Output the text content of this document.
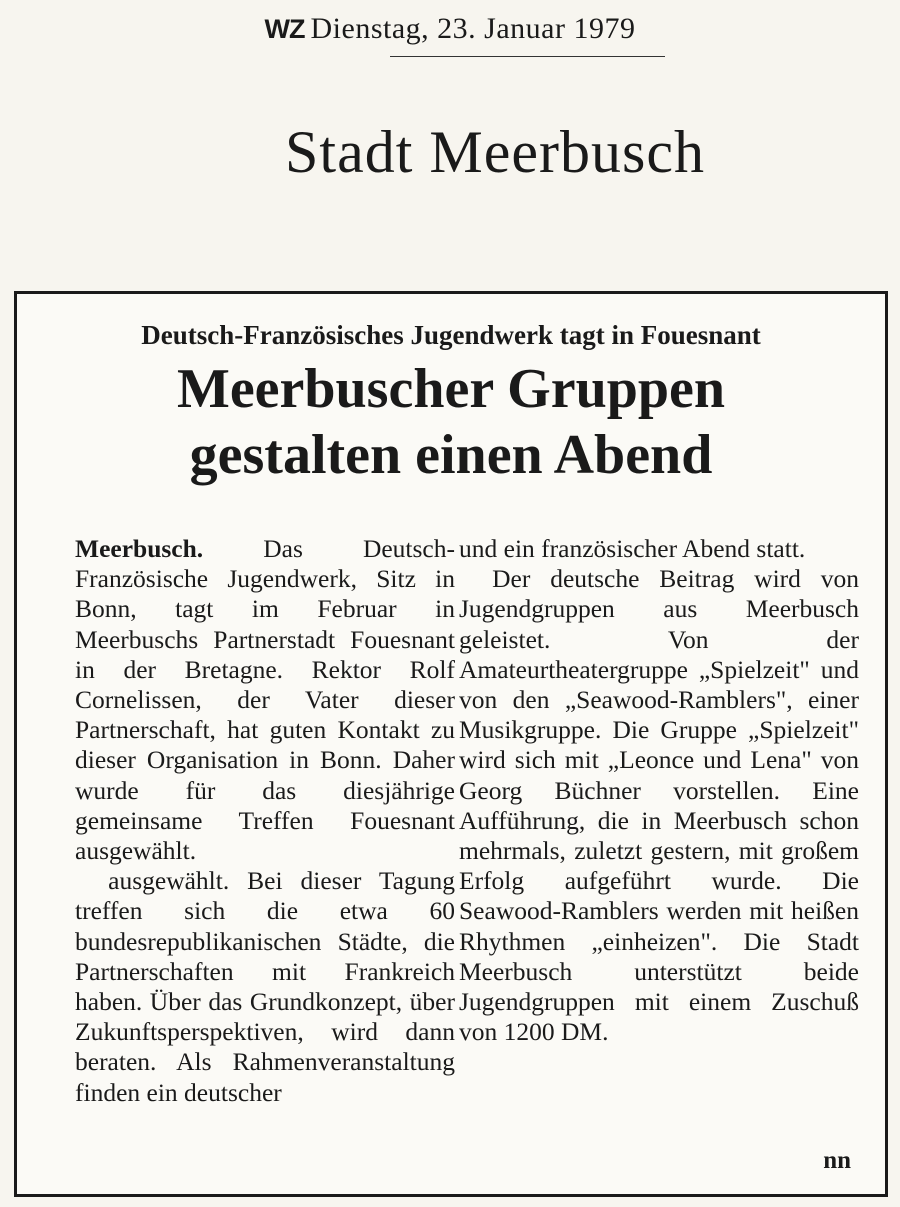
WZ Dienstag, 23. Januar 1979
Stadt Meerbusch
Deutsch-Französisches Jugendwerk tagt in Fouesnant
Meerbuscher Gruppen
gestalten einen Abend

Meerbusch. Das Deutsch-Französische Jugendwerk, Sitz in Bonn, tagt im Februar in Meerbuschs Partnerstadt Fouesnant in der Bretagne. Rektor Rolf Cornelissen, der Vater dieser Partnerschaft, hat guten Kontakt zu dieser Organisation in Bonn. Daher wurde für das diesjährige gemeinsame Treffen Fouesnant ausgewählt.

ausgewählt. Bei dieser Tagung treffen sich die etwa 60 bundesrepublikanischen Städte, die Partnerschaften mit Frankreich haben. Über das Grundkonzept, über Zukunftsperspektiven, wird dann beraten. Als Rahmenveranstaltung finden ein deutscher

und ein französischer Abend statt.

Der deutsche Beitrag wird von Jugendgruppen aus Meerbusch geleistet. Von der Amateurtheatergruppe „Spielzeit" und von den „Seawood-Ramblers", einer Musikgruppe. Die Gruppe „Spielzeit" wird sich mit „Leonce und Lena" von Georg Büchner vorstellen. Eine Aufführung, die in Meerbusch schon mehrmals, zuletzt gestern, mit großem Erfolg aufgeführt wurde. Die Seawood-Ramblers werden mit heißen Rhythmen „einheizen". Die Stadt Meerbusch unterstützt beide Jugendgruppen mit einem Zuschuß von 1200 DM.

nn
